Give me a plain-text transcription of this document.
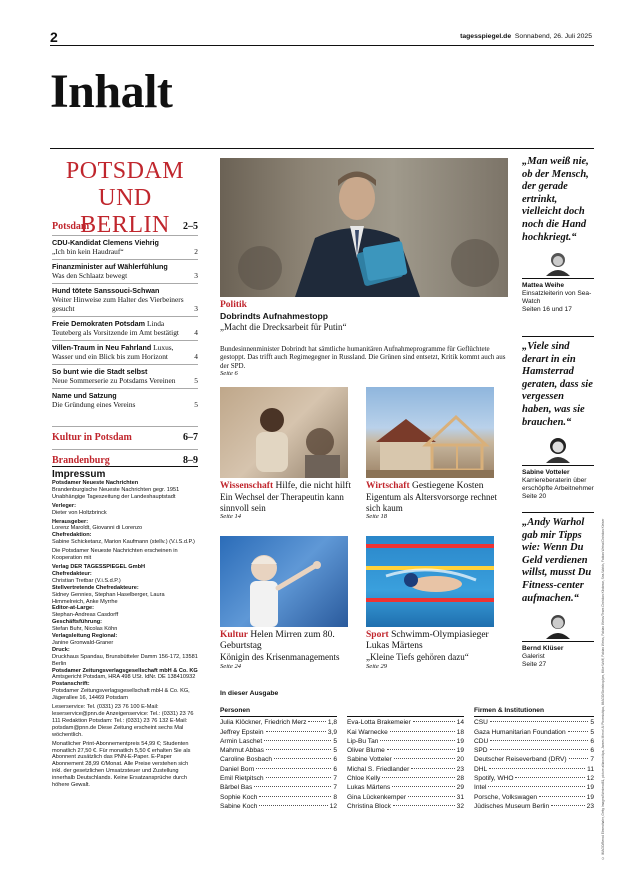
2	tagesspiegel.de Sonnabend, 26. Juli 2025
Inhalt
POTSDAM
UND BERLIN
Potsdam	2–5
CDU-Kandidat Clemens Viehrig
„Ich bin kein Haudrauf“	2
Finanzminister auf Wählerfühlung
Was den Schlaatz bewegt	3
Hund tötete Sanssouci-Schwan
Weiter Hinweise zum Halter des Vierbeiners gesucht	3
Freie Demokraten Potsdam Linda Teuteberg als Vorsitzende im Amt bestätigt	4
Villen-Traum in Neu Fahrland Luxus, Wasser und ein Blick bis zum Horizont	4
So bunt wie die Stadt selbst
Neue Sommerserie zu Potsdams Vereinen	5
Name und Satzung
Die Gründung eines Vereins	5
Kultur in Potsdam	6–7
Brandenburg	8–9
Impressum

Potsdamer Neueste Nachrichten
Brandenburgische Neueste Nachrichten gegr. 1951 Unabhängige Tageszeitung der Landeshauptstadt

Verleger:
Dieter von Holtzbrinck

Herausgeber:
Lorenz Maroldt, Giovanni di Lorenzo

Chefredaktion:
Sabine Schicketanz, Marion Kaufmann (stellv.) (V.i.S.d.P.)

Die Potsdamer Neueste Nachrichten erscheinen in Kooperation mit

Verlag DER TAGESSPIEGEL GmbH

Chefredakteur:
Christian Tretbar (V.i.S.d.P.)

Stellvertretende Chefredakteure:
Sidney Gennies, Stephan Haselberger, Laura Himmelreich, Anke Myrrhe

Editor-at-Large:
Stephan-Andreas Casdorff

Geschäftsführung:
Stefan Buhr, Nicolas Köhn

Verlagsleitung Regional:
Janine Gronwald-Graner

Druck:
Druckhaus Spandau, Brunsbütteler Damm 156-172, 13581 Berlin

Potsdamer Zeitungsverlagsgesellschaft mbH & Co. KG
Amtsgericht Potsdam, HRA 498 USt. IdNr. DE 138410932

Postanschrift:
Potsdamer Zeitungsverlagsgesellschaft mbH & Co. KG, Jägerallee 16, 14469 Potsdam

Leserservice: Tel. (0331) 23 76 100 E-Mail: leserservice@pnn.de Anzeigenservice: Tel.: (0331) 23 76 111 Redaktion Potsdam: Tel.: (0331) 23 76 132 E-Mail: potsdam@pnn.de Diese Zeitung erscheint sechs Mal wöchentlich.

Monatlicher Print-Abonnementpreis 54,99 €; Studenten monatlich 27,50 €. Für monatlich 5,50 € erhalten Sie als Abonnent zusätzlich das PNN-E-Paper. E-Paper Abonnement 28,99 €/Monat. Alle Preise verstehen sich inkl. der gesetzlichen Umsatzsteuer und Zustellung innerhalb Deutschlands. Keine Ersatzansprüche durch höhere Gewalt.

Politik
Dobrindts Aufnahmestopp
„Macht die Drecksarbeit für Putin“
Bundesinnenminister Dobrindt hat sämtliche humanitären Aufnahmeprogramme für Geflüchtete gestoppt. Das trifft auch Regimegegner in Russland. Die Grünen sind entsetzt, Kritik kommt auch aus der SPD.
Seite 6
Wissenschaft Hilfe, die nicht hilft
Ein Wechsel der Therapeutin kann sinnvoll sein
Seite 14
Wirtschaft Gestiegene Kosten
Eigentum als Altersvorsorge rechnet sich kaum
Seite 18
Kultur Helen Mirren zum 80. Geburtstag
Königin des Krisenmanagements
Seite 24
Sport Schwimm-Olympiasieger Lukas Märtens
„Kleine Tiefs gehören dazu“
Seite 29
„Man weiß nie, ob der Mensch, der gerade ertrinkt, vielleicht doch noch die Hand hochkriegt.“
Mattea Weihe
Einsatzleiterin von Sea-Watch
Seiten 16 und 17
„Viele sind derart in ein Hamsterrad geraten, dass sie vergessen haben, was sie brauchen.“
Sabine Votteler
Karriereberaterin über erschöpfte Arbeitnehmer
Seite 20
„Andy Warhol gab mir Tipps wie: Wenn Du Geld verdienen willst, musst Du Fitness-center aufmachen.“
Bernd Klüser
Galerist
Seite 27
In dieser Ausgabe
Personen
Julia Klöckner, Friedrich Merz	1,8
Jeffrey Epstein	3,9
Armin Laschet	5
Mahmut Abbas	5
Caroline Bosbach	6
Daniel Born	6
Emil Rietpitsch	7
Bärbel Bas	7
Sophie Koch	8
Sabine Koch	12
Eva-Lotta Brakemeier	14
Kai Warnecke	18
Lip-Bu Tan	19
Oliver Blume	19
Sabine Votteler	20
Michal S. Friedlander	23
Chloe Kelly	28
Lukas Märtens	29
Gina Lückenkemper	31
Christina Block	32
Firmen & Institutionen
CSU	5
Gaza Humanitarian Foundation	5
CDU	6
SPD	6
Deutscher Reiseverband (DRV)	7
DHL	11
Spotify, WHO	12
Intel	19
Porsche, Volkswagen	19
Jüdisches Museum Berlin	23 © IMAGO/Bernd Elmenthaler, Getty Images/Westend61, picture alliance/dpa, James Mirror/ Al Phoenix/dpa, IMAGO/Shotshop/pm, Mike Wolff, Fabian Weiss, Fabian Weiss/Team Christian Klinkmar, Sea-Watch, Fabian Weiss/Christian Kleiser
